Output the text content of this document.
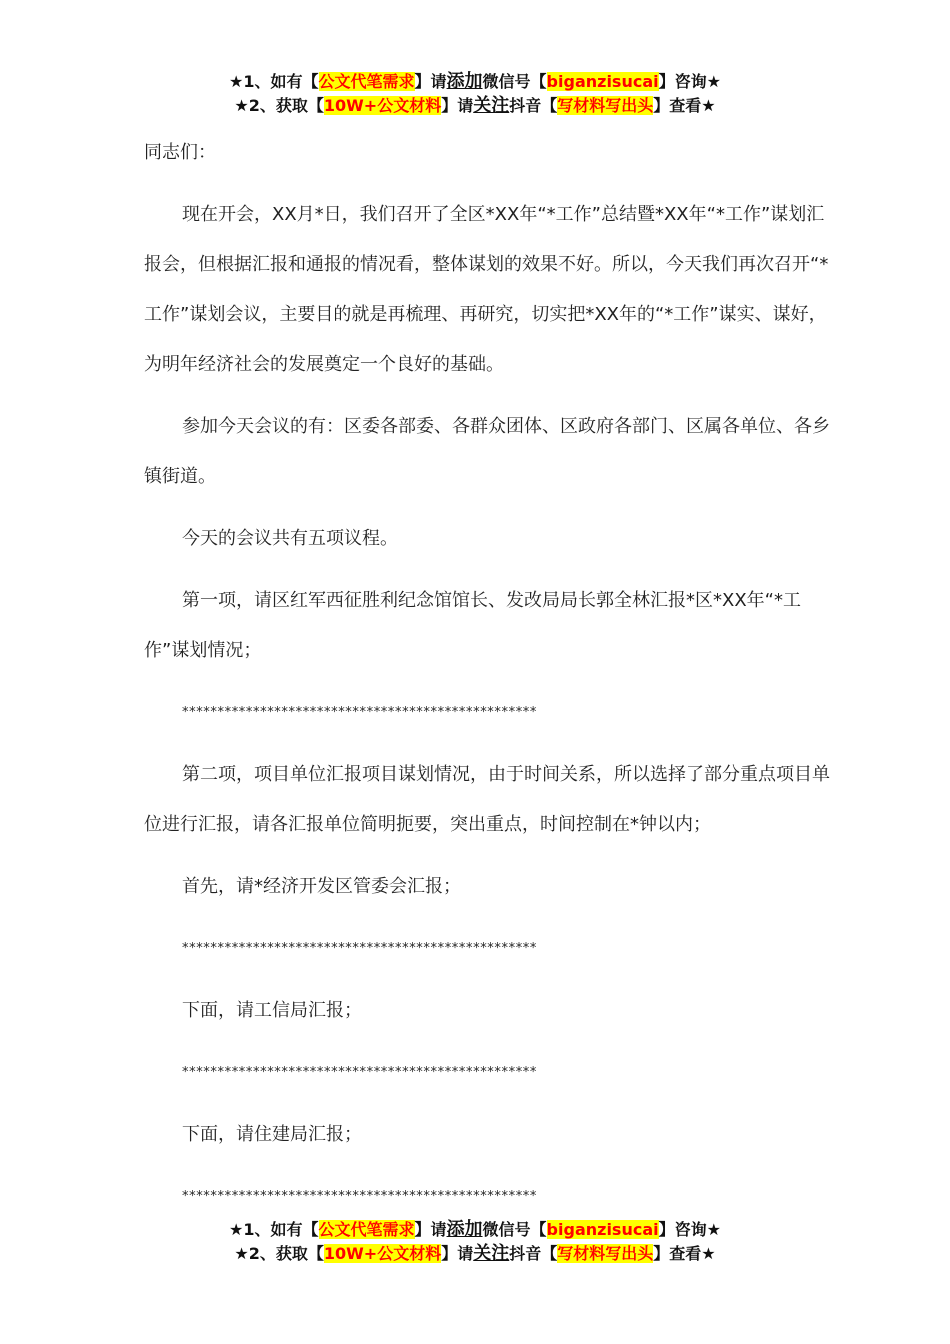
★1、如有【公文代笔需求】请添加微信号【biganzisucai】咨询★
★2、获取【10W+公文材料】请关注抖音【写材料写出头】查看★

同志们：

现在开会，XX月*日，我们召开了全区*XX年“*工作”总结暨*XX年“*工作”谋划汇报会，但根据汇报和通报的情况看，整体谋划的效果不好。所以，今天我们再次召开“*工作”谋划会议，主要目的就是再梳理、再研究，切实把*XX年的“*工作”谋实、谋好，为明年经济社会的发展奠定一个良好的基础。

参加今天会议的有：区委各部委、各群众团体、区政府各部门、区属各单位、各乡镇街道。

今天的会议共有五项议程。

第一项，请区红军西征胜利纪念馆馆长、发改局局长郭全林汇报*区*XX年“*工作”谋划情况；

**************************************************

第二项，项目单位汇报项目谋划情况，由于时间关系，所以选择了部分重点项目单位进行汇报，请各汇报单位简明扼要，突出重点，时间控制在*钟以内；

首先，请*经济开发区管委会汇报；

**************************************************

下面，请工信局汇报；

**************************************************

下面，请住建局汇报；

**************************************************

★1、如有【公文代笔需求】请添加微信号【biganzisucai】咨询★
★2、获取【10W+公文材料】请关注抖音【写材料写出头】查看★
